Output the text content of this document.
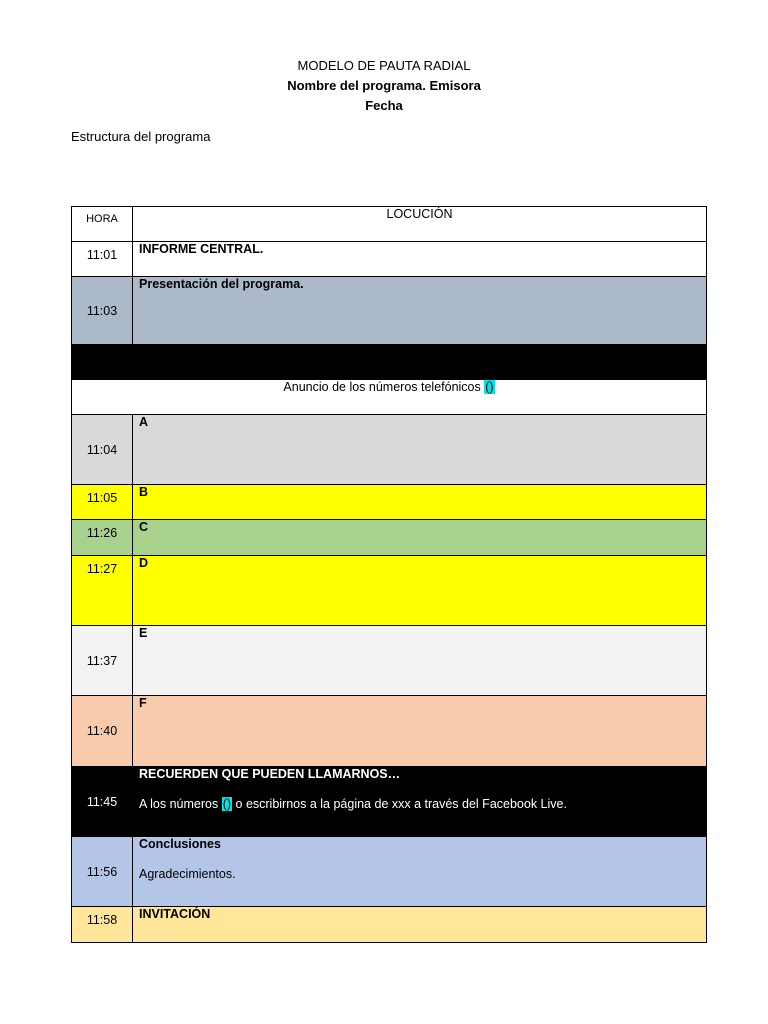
MODELO DE PAUTA RADIAL
Nombre del programa. Emisora
Fecha
Estructura del programa
HORA	LOCUCIÓN
11:01	INFORME CENTRAL.
11:03	Presentación del programa.

Anuncio de los números telefónicos ()	
11:04	A
11:05	B
11:26	C
11:27	D
11:37	E
11:40	F
11:45	RECUERDEN QUE PUEDEN LLAMARNOS…
A los números () o escribirnos a la página de xxx a través del Facebook Live.

11:56	Conclusiones
Agradecimientos.

11:58	INVITACIÓN
